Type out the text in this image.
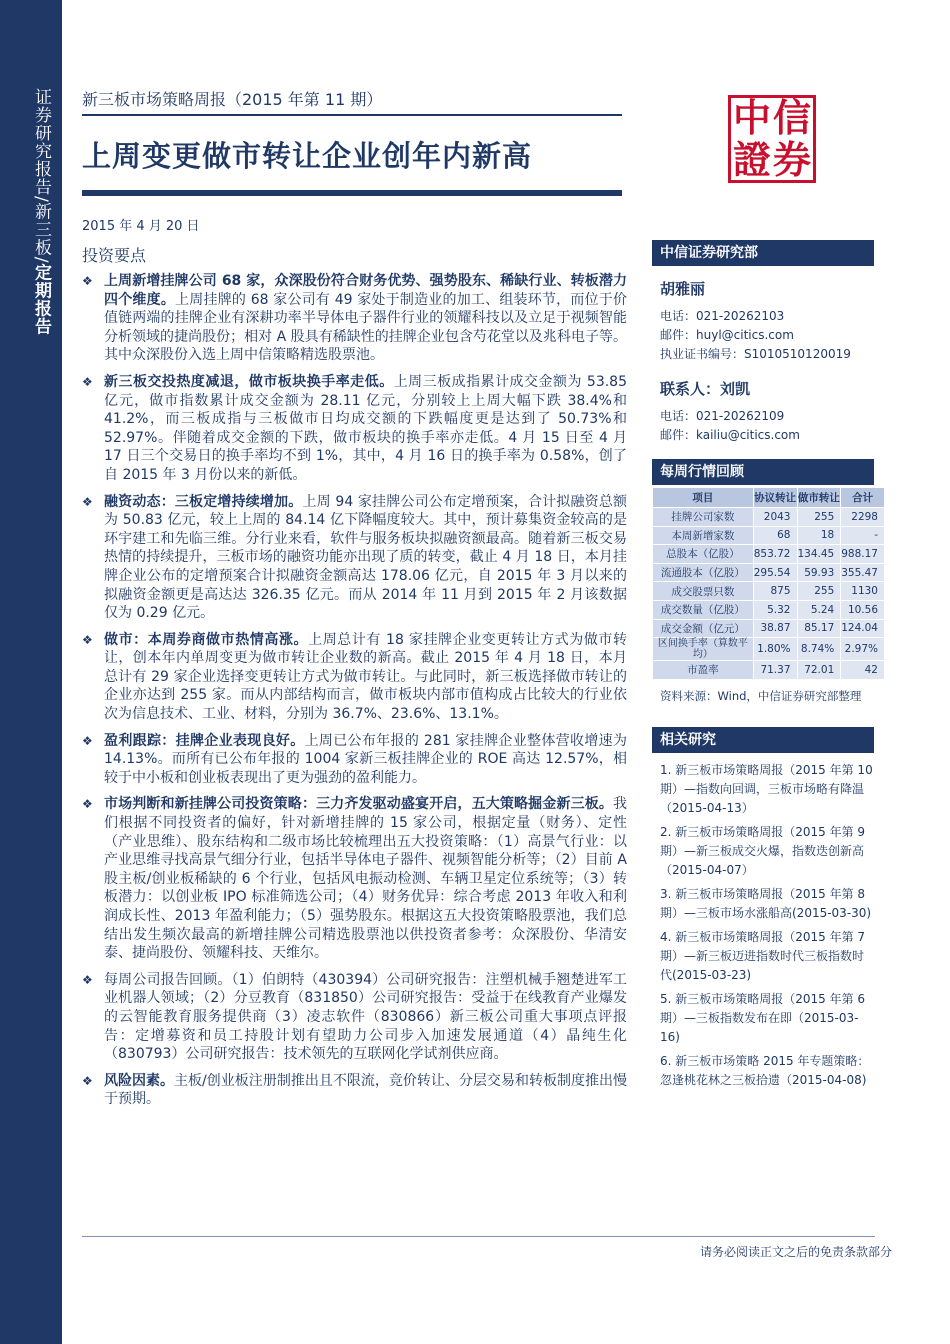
证券研究报告/新三板/定期报告
新三板市场策略周报（2015 年第 11 期）
上周变更做市转让企业创年内新高
2015 年 4 月 20 日
投资要点
證
中 信
券
❖ 上周新增挂牌公司 68 家，众深股份符合财务优势、强势股东、稀缺行业、转板潜力四个维度。上周挂牌的 68 家公司有 49 家处于制造业的加工、组装环节，而位于价值链两端的挂牌企业有深耕功率半导体电子器件行业的领耀科技以及立足于视频智能分析领域的捷尚股份；相对 A 股具有稀缺性的挂牌企业包含芍花堂以及兆科电子等。其中众深股份入选上周中信策略精选股票池。
❖ 新三板交投热度减退，做市板块换手率走低。上周三板成指累计成交金额为 53.85 亿元，做市指数累计成交金额为 28.11 亿元，分别较上上周大幅下跌 38.4%和 41.2%，而三板成指与三板做市日均成交额的下跌幅度更是达到了 50.73%和 52.97%。伴随着成交金额的下跌，做市板块的换手率亦走低。4 月 15 日至 4 月 17 日三个交易日的换手率均不到 1%，其中，4 月 16 日的换手率为 0.58%，创了自 2015 年 3 月份以来的新低。
❖ 融资动态：三板定增持续增加。上周 94 家挂牌公司公布定增预案，合计拟融资总额为 50.83 亿元，较上上周的 84.14 亿下降幅度较大。其中，预计募集资金较高的是环宇建工和先临三维。分行业来看，软件与服务板块拟融资额最高。随着新三板交易热情的持续提升，三板市场的融资功能亦出现了质的转变，截止 4 月 18 日，本月挂牌企业公布的定增预案合计拟融资金额高达 178.06 亿元，自 2015 年 3 月以来的拟融资金额更是高达达 326.35 亿元。而从 2014 年 11 月到 2015 年 2 月该数据仅为 0.29 亿元。
❖ 做市：本周券商做市热情高涨。上周总计有 18 家挂牌企业变更转让方式为做市转让，创本年内单周变更为做市转让企业数的新高。截止 2015 年 4 月 18 日，本月总计有 29 家企业选择变更转让方式为做市转让。与此同时，新三板选择做市转让的企业亦达到 255 家。而从内部结构而言，做市板块内部市值构成占比较大的行业依次为信息技术、工业、材料，分别为 36.7%、23.6%、13.1%。
❖ 盈利跟踪：挂牌企业表现良好。上周已公布年报的 281 家挂牌企业整体营收增速为 14.13%。而所有已公布年报的 1004 家新三板挂牌企业的 ROE 高达 12.57%，相较于中小板和创业板表现出了更为强劲的盈利能力。
❖ 市场判断和新挂牌公司投资策略：三力齐发驱动盛宴开启，五大策略掘金新三板。我们根据不同投资者的偏好，针对新增挂牌的 15 家公司，根据定量（财务）、定性（产业思维）、股东结构和二级市场比较梳理出五大投资策略：（1）高景气行业：以产业思维寻找高景气细分行业，包括半导体电子器件、视频智能分析等；（2）目前 A 股主板/创业板稀缺的 6 个行业，包括风电振动检测、车辆卫星定位系统等；（3）转板潜力：以创业板 IPO 标准筛选公司；（4）财务优异：综合考虑 2013 年收入和利润成长性、2013 年盈利能力；（5）强势股东。根据这五大投资策略股票池，我们总结出发生频次最高的新增挂牌公司精选股票池以供投资者参考：众深股份、华清安泰、捷尚股份、领耀科技、天维尔。
❖ 每周公司报告回顾。（1）伯朗特（430394）公司研究报告：注塑机械手翘楚进军工业机器人领域；（2）分豆教育（831850）公司研究报告：受益于在线教育产业爆发的云智能教育服务提供商（3）凌志软件（830866）新三板公司重大事项点评报告：定增募资和员工持股计划有望助力公司步入加速发展通道（4）晶纯生化（830793）公司研究报告：技术领先的互联网化学试剂供应商。
❖ 风险因素。主板/创业板注册制推出且不限流，竞价转让、分层交易和转板制度推出慢于预期。
中信证券研究部
胡雅丽
电话：021-20262103
邮件：huyl@citics.com
执业证书编号：S1010510120019
联系人：刘凯
电话：021-20262109
邮件：kailiu@citics.com
每周行情回顾
项目	协议转让	做市转让	合计
挂牌公司家数	2043	255	2298
本周新增家数	68	18	-
总股本（亿股）	853.72	134.45	988.17
流通股本（亿股）	295.54	59.93	355.47
成交股票只数	875	255	1130
成交数量（亿股）	5.32	5.24	10.56
成交金额（亿元）	38.87	85.17	124.04
区间换手率（算数平均）	1.80%	8.74%	2.97%
市盈率	71.37	72.01	42
资料来源：Wind，中信证券研究部整理
相关研究
1. 新三板市场策略周报（2015 年第 10 期）—指数向回调，三板市场略有降温（2015-04-13）
2. 新三板市场策略周报（2015 年第 9 期）—新三板成交火爆，指数迭创新高（2015-04-07）
3. 新三板市场策略周报（2015 年第 8 期）—三板市场水涨船高(2015-03-30)
4. 新三板市场策略周报（2015 年第 7 期）—新三板迈进指数时代三板指数时代(2015-03-23)
5. 新三板市场策略周报（2015 年第 6 期）—三板指数发布在即（2015-03-16)
6. 新三板市场策略 2015 年专题策略：忽逢桃花林之三板拾遗（2015-04-08)
请务必阅读正文之后的免责条款部分
